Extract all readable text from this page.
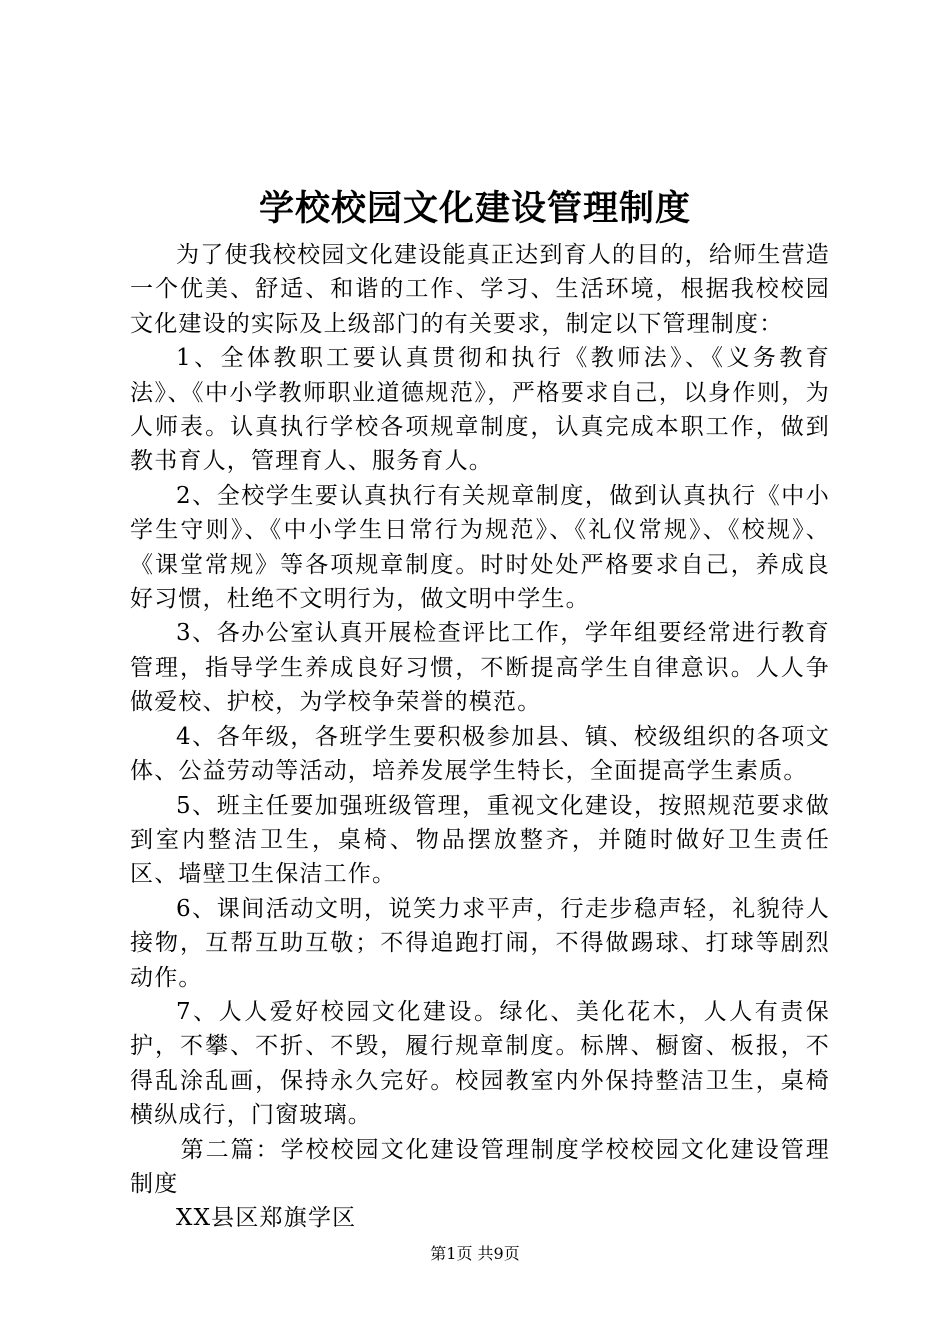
学校校园文化建设管理制度

为了使我校校园文化建设能真正达到育人的目的，给师生营造一个优美、舒适、和谐的工作、学习、生活环境，根据我校校园文化建设的实际及上级部门的有关要求，制定以下管理制度：

1、全体教职工要认真贯彻和执行《教师法》、《义务教育法》、《中小学教师职业道德规范》，严格要求自己，以身作则，为人师表。认真执行学校各项规章制度，认真完成本职工作，做到教书育人，管理育人、服务育人。

2、全校学生要认真执行有关规章制度，做到认真执行《中小学生守则》、《中小学生日常行为规范》、《礼仪常规》、《校规》、《课堂常规》等各项规章制度。时时处处严格要求自己，养成良好习惯，杜绝不文明行为，做文明中学生。

3、各办公室认真开展检查评比工作，学年组要经常进行教育管理，指导学生养成良好习惯，不断提高学生自律意识。人人争做爱校、护校，为学校争荣誉的模范。

4、各年级，各班学生要积极参加县、镇、校级组织的各项文体、公益劳动等活动，培养发展学生特长，全面提高学生素质。

5、班主任要加强班级管理，重视文化建设，按照规范要求做到室内整洁卫生，桌椅、物品摆放整齐，并随时做好卫生责任区、墙壁卫生保洁工作。

6、课间活动文明，说笑力求平声，行走步稳声轻，礼貌待人接物，互帮互助互敬；不得追跑打闹，不得做踢球、打球等剧烈动作。

7、人人爱好校园文化建设。绿化、美化花木，人人有责保护，不攀、不折、不毁，履行规章制度。标牌、橱窗、板报，不得乱涂乱画，保持永久完好。校园教室内外保持整洁卫生，桌椅横纵成行，门窗玻璃。

第二篇：学校校园文化建设管理制度学校校园文化建设管理制度

XX县区郑旗学区

第1页 共9页
